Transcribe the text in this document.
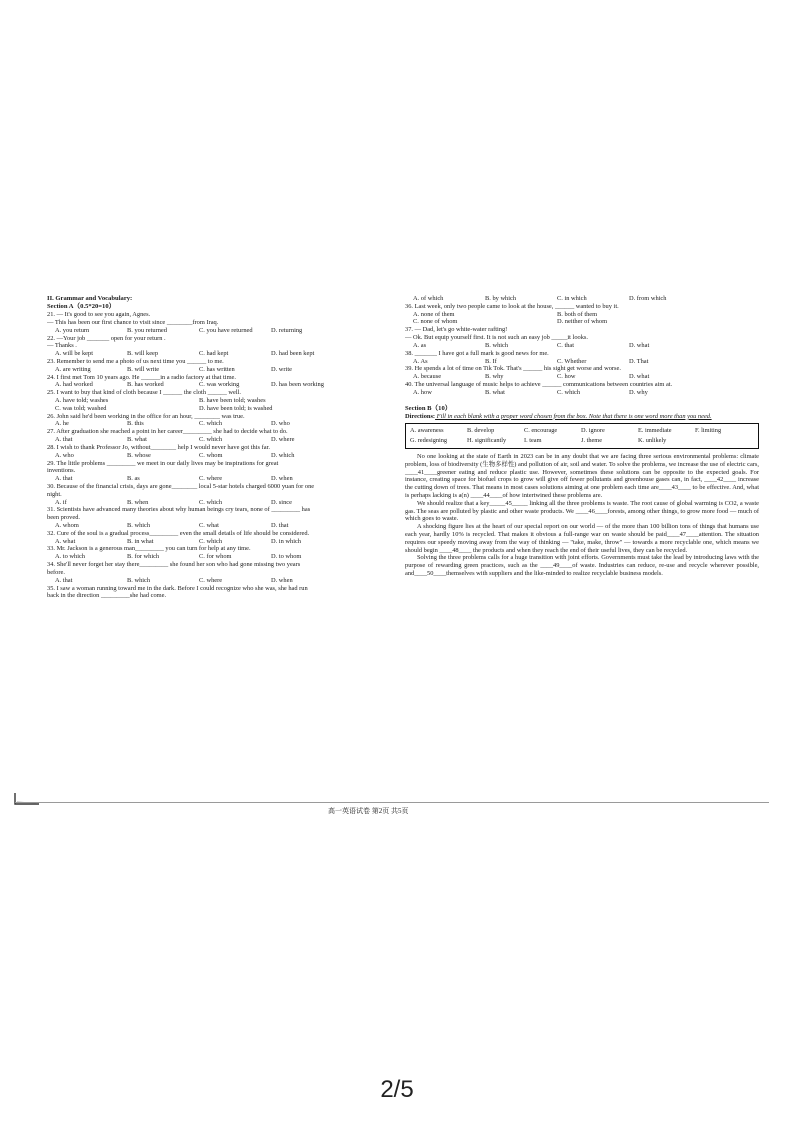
II. Grammar and Vocabulary:

Section A（0.5*20=10）

21. — It's good to see you again, Agnes.

— This has been our first chance to visit since ________from Iraq.

A. you return	B. you returned	C. you have returned	D. returning

22. —Your job _______ open for your return .

— Thanks .

A. will be kept	B. will keep	C. had kept	D. had been kept

23. Remember to send me a photo of us next time you ______ to me.

A. are writing	B. will write	C. has written	D. write

24. I first met Tom 10 years ago. He ______in a radio factory at that time.

A. had worked	B. has worked	C. was working	D. has been working

25. I want to buy that kind of cloth because I ______ the cloth ______ well.

A. have told; washes	B. have been told; washes
C. was told; washed	D. have been told; is washed

26. John said he'd been working in the office for an hour, ________ was true.

A. he	B. this	C. which	D. who

27. After graduation she reached a point in her career_________ she had to decide what to do.

A. that	B. what	C. which	D. where

28. I wish to thank Professor Jo, without________ help I would never have got this far.

A. who	B. whose	C. whom	D. which

29. The little problems _________ we meet in our daily lives may be inspirations for great

inventions.

A. that	B. as	C. where	D. when

30. Because of the financial crisis, days are gone________ local 5-star hotels charged 6000 yuan for one

night.

A. if	B. when	C. which	D. since

31. Scientists have advanced many theories about why human beings cry tears, none of _________ has

been proved.

A. whom	B. which	C. what	D. that

32. Cure of the soul is a gradual process_________ even the small details of life should be considered.

A. what	B. in what	C. which	D. in which

33. Mr. Jackson is a generous man_________ you can turn for help at any time.

A. to which	B. for which	C. for whom	D. to whom

34. She'll never forget her stay there_________ she found her son who had gone missing two years

before.

A. that	B. which	C. where	D. when

35. I saw a woman running toward me in the dark. Before I could recognize who she was, she had run

back in the direction _________she had come.

A. of which	B. by which	C. in which	D. from which

36. Last week, only two people came to look at the house, ______ wanted to buy it.

A. none of them	B. both of them
C. none of whom	D. neither of whom

37. — Dad, let's go white-water rafting!

— Ok. But equip yourself first. It is not such an easy job _____it looks.

A. as	B. which	C. that	D. what

38. _______ I have got a full mark is good news for me.

A. As	B. If	C. Whether	D. That

39. He spends a lot of time on Tik Tok. That's ______ his sight get worse and worse.

A. because	B. why	C. how	D. what

40. The universal language of music helps to achieve ______ communications between countries aim at.

A. how	B. what	C. which	D. why

Section B（10）

Directions: Fill in each blank with a proper word chosen from the box. Note that there is one word more than you need.

A. awareness	B. develop	C. encourage	D. ignore	E. immediate	F. limiting
G. redesigning	H. significantly	I. team	J. theme	K. unlikely

No one looking at the state of Earth in 2023 can be in any doubt that we are facing three serious environmental problems: climate problem, loss of biodiversity (生物多样性) and pollution of air, soil and water. To solve the problems, we increase the use of electric cars, ____41____greener eating and reduce plastic use. However, sometimes these solutions can be opposite to the expected goals. For instance, creating space for biofuel crops to grow will give off fewer pollutants and greenhouse gases can, in fact, ____42____ increase the cutting down of trees. That means in most cases solutions aiming at one problem each time are____43____ to be effective. And, what is perhaps lacking is a(n) ____44____of how intertwined these problems are.

We should realize that a key_____45_____ linking all the three problems is waste. The root cause of global warming is CO2, a waste gas. The seas are polluted by plastic and other waste products. We ____46____forests, among other things, to grow more food — much of which goes to waste.

A shocking figure lies at the heart of our special report on our world — of the more than 100 billion tons of things that humans use each year, hardly 10% is recycled. That makes it obvious a full-range war on waste should be paid____47____attention. The situation requires our speedy moving away from the way of thinking — "take, make, throw" — towards a more recyclable one, which means we should begin ____48____ the products and when they reach the end of their useful lives, they can be recycled.

Solving the three problems calls for a huge transition with joint efforts. Governments must take the lead by introducing laws with the purpose of rewarding green practices, such as the ____49____of waste. Industries can reduce, re-use and recycle wherever possible, and____50____themselves with suppliers and the like-minded to realize recyclable business models.

高一英语试卷 第2页 共5页
2/5
